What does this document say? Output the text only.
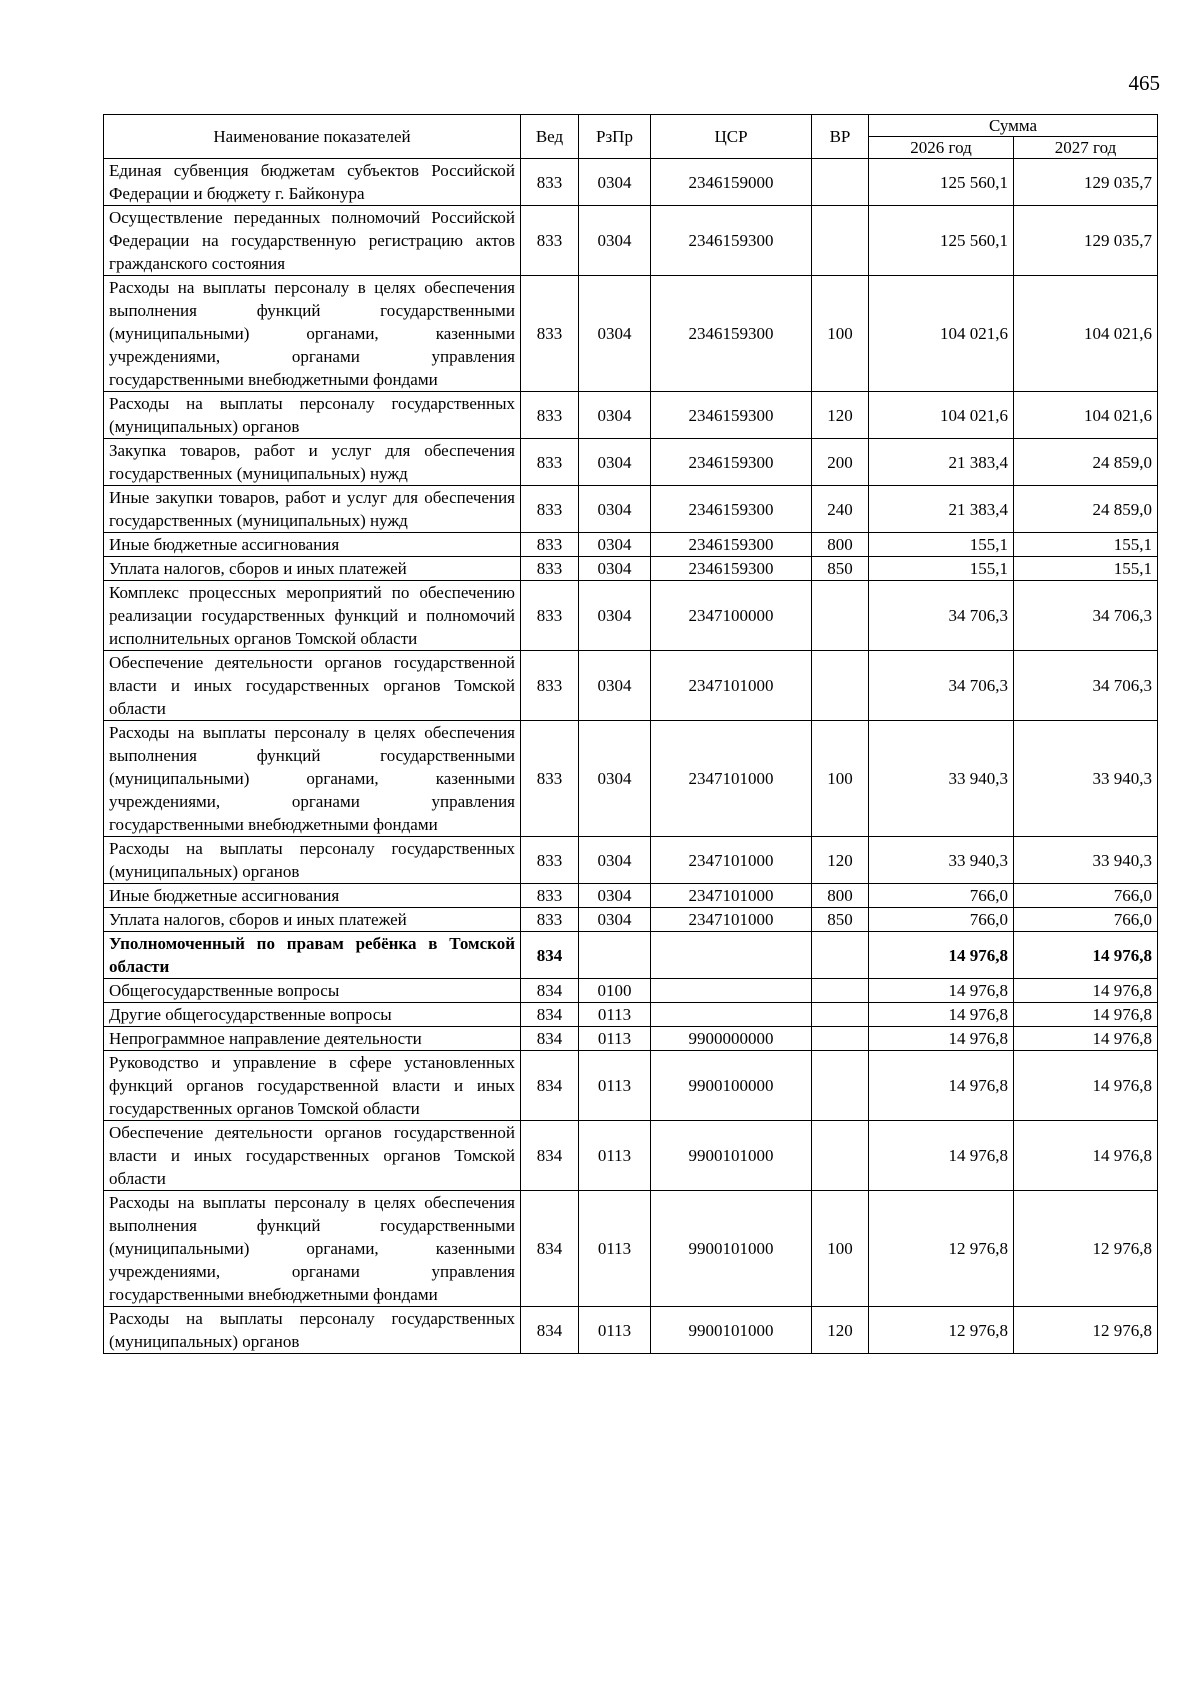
465
Наименование показателей	Вед	РзПр	ЦСР	ВР	Сумма	
					2026 год	2027 год
Единая субвенция бюджетам субъектов Российской Федерации и бюджету г. Байконура	833	0304	2346159000		125 560,1	129 035,7
Осуществление переданных полномочий Российской Федерации на государственную регистрацию актов гражданского состояния	833	0304	2346159300		125 560,1	129 035,7
Расходы на выплаты персоналу в целях обеспечения выполнения функций государственными (муниципальными) органами, казенными учреждениями, органами управления государственными внебюджетными фондами	833	0304	2346159300	100	104 021,6	104 021,6
Расходы на выплаты персоналу государственных (муниципальных) органов	833	0304	2346159300	120	104 021,6	104 021,6
Закупка товаров, работ и услуг для обеспечения государственных (муниципальных) нужд	833	0304	2346159300	200	21 383,4	24 859,0
Иные закупки товаров, работ и услуг для обеспечения государственных (муниципальных) нужд	833	0304	2346159300	240	21 383,4	24 859,0
Иные бюджетные ассигнования	833	0304	2346159300	800	155,1	155,1
Уплата налогов, сборов и иных платежей	833	0304	2346159300	850	155,1	155,1
Комплекс процессных мероприятий по обеспечению реализации государственных функций и полномочий исполнительных органов Томской области	833	0304	2347100000		34 706,3	34 706,3
Обеспечение деятельности органов государственной власти и иных государственных органов Томской области	833	0304	2347101000		34 706,3	34 706,3
Расходы на выплаты персоналу в целях обеспечения выполнения функций государственными (муниципальными) органами, казенными учреждениями, органами управления государственными внебюджетными фондами	833	0304	2347101000	100	33 940,3	33 940,3
Расходы на выплаты персоналу государственных (муниципальных) органов	833	0304	2347101000	120	33 940,3	33 940,3
Иные бюджетные ассигнования	833	0304	2347101000	800	766,0	766,0
Уплата налогов, сборов и иных платежей	833	0304	2347101000	850	766,0	766,0
Уполномоченный по правам ребёнка в Томской области	834				14 976,8	14 976,8
Общегосударственные вопросы	834	0100			14 976,8	14 976,8
Другие общегосударственные вопросы	834	0113			14 976,8	14 976,8
Непрограммное направление деятельности	834	0113	9900000000		14 976,8	14 976,8
Руководство и управление в сфере установленных функций органов государственной власти и иных государственных органов Томской области	834	0113	9900100000		14 976,8	14 976,8
Обеспечение деятельности органов государственной власти и иных государственных органов Томской области	834	0113	9900101000		14 976,8	14 976,8
Расходы на выплаты персоналу в целях обеспечения выполнения функций государственными (муниципальными) органами, казенными учреждениями, органами управления государственными внебюджетными фондами	834	0113	9900101000	100	12 976,8	12 976,8
Расходы на выплаты персоналу государственных (муниципальных) органов	834	0113	9900101000	120	12 976,8	12 976,8
